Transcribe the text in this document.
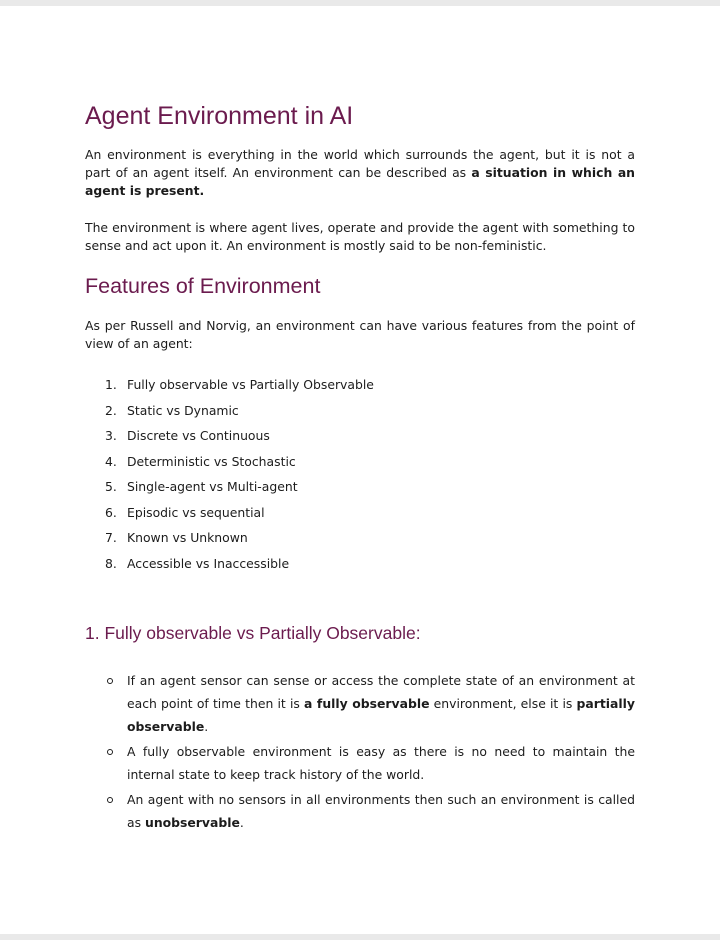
Agent Environment in AI

An environment is everything in the world which surrounds the agent, but it is not a part of an agent itself. An environment can be described as a situation in which an agent is present.

The environment is where agent lives, operate and provide the agent with something to sense and act upon it. An environment is mostly said to be non-feministic.

Features of Environment

As per Russell and Norvig, an environment can have various features from the point of view of an agent:

1. Fully observable vs Partially Observable
2. Static vs Dynamic
3. Discrete vs Continuous
4. Deterministic vs Stochastic
5. Single-agent vs Multi-agent
6. Episodic vs sequential
7. Known vs Unknown
8. Accessible vs Inaccessible
1. Fully observable vs Partially Observable:
If an agent sensor can sense or access the complete state of an environment at each point of time then it is a fully observable environment, else it is partially observable.
A fully observable environment is easy as there is no need to maintain the internal state to keep track history of the world.
An agent with no sensors in all environments then such an environment is called as unobservable.
